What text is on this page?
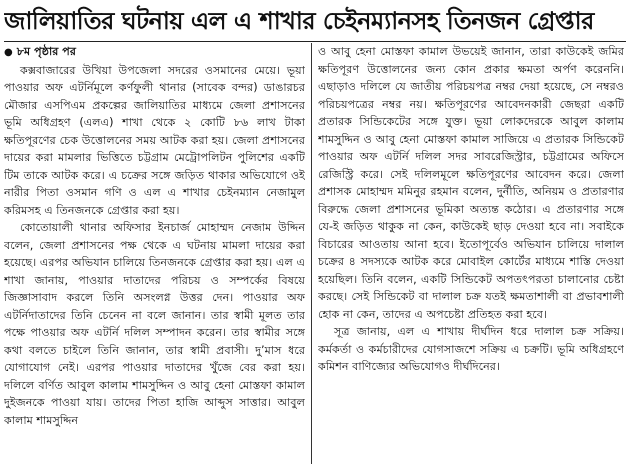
জালিয়াতির ঘটনায় এল এ শাখার চেইনম্যানসহ তিনজন গ্রেপ্তার
● ৮ম পৃষ্ঠার পর

কক্সবাজারের উখিয়া উপজেলা সদরের ওসমানের মেয়ে। ভূয়া পাওয়ার অফ এটর্নিমূলে কর্ণফুলী থানার (সাবেক বন্দর) ডাঙারচর মৌজার এসপিএম প্রকল্পের জালিয়াতির মাধ্যমে জেলা প্রশাসনের ভূমি অধিগ্রহণ (এলএ) শাখা থেকে ২ কোটি ৮৬ লাখ টাকা ক্ষতিপূরণের চেক উত্তোলনের সময় আটক করা হয়। জেলা প্রশাসনের দায়ের করা মামলার ভিত্তিতে চট্টগ্রাম মেট্রোপলিটন পুলিশের একটি টিম তাকে আটক করে। এ চক্রের সঙ্গে জড়িত থাকার অভিযোগে ওই নারীর পিতা ওসমান গণি ও এল এ শাখার চেইনম্যান নেজামুল করিমসহ এ তিনজনকে গ্রেপ্তার করা হয়।

কোতোয়ালী থানার অফিসার ইনচার্জ মোহাম্মদ নেজাম উদ্দিন বলেন, জেলা প্রশাসনের পক্ষ থেকে এ ঘটনায় মামলা দায়ের করা হয়েছে। এরপর অভিযান চালিয়ে তিনজনকে গ্রেপ্তার করা হয়। এল এ শাখা জানায়, পাওয়ার দাতাদের পরিচয় ও সম্পর্কের বিষয়ে জিজ্ঞাসাবাদ করলে তিনি অসংলগ্ন উত্তর দেন। পাওয়ার অফ এটর্নিদাতাদের তিনি চেনেন না বলে জানান। তার স্বামী মূলত তার পক্ষে পাওয়ার অফ এটর্নি দলিল সম্পাদন করেন। তার স্বামীর সঙ্গে কথা বলতে চাইলে তিনি জানান, তার স্বামী প্রবাসী। দু’মাস ধরে যোগাযোগ নেই। এরপর পাওয়ার দাতাদের খুঁজে বের করা হয়। দলিলে বর্ণিত আবুল কালাম শামসুদ্দিন ও আবু হেনা মোস্তফা কামাল দুইজনকে পাওয়া যায়। তাদের পিতা হাজি আব্দুস সাত্তার। আবুল কালাম শামসুদ্দিন

ও আবু হেনা মোস্তফা কামাল উভয়েই জানান, তারা কাউকেই জমির ক্ষতিপূরণ উত্তোলনের জন্য কোন প্রকার ক্ষমতা অর্পণ করেননি। এছাড়াও দলিলে যে জাতীয় পরিচয়পত্র নম্বর দেয়া হয়েছে, সে নম্বরও পরিচয়পত্রের নম্বর নয়। ক্ষতিপূরণের আবেদনকারী জেছরা একটি প্রতারক সিন্ডিকেটের সঙ্গে যুক্ত। ভূয়া লোকদেরকে আবুল কালাম শামসুদ্দিন ও আবু হেনা মোস্তফা কামাল সাজিয়ে এ প্রতারক সিন্ডিকেট পাওয়ার অফ এটর্নি দলিল সদর সাবরেজিস্ট্রার, চট্টগ্রামের অফিসে রেজিস্ট্রি করে। সেই দলিলমূলে ক্ষতিপূরণের আবেদন করে। জেলা প্রশাসক মোহাম্মদ মমিনুর রহমান বলেন, দুর্নীতি, অনিয়ম ও প্রতারণার বিরুদ্ধে জেলা প্রশাসনের ভূমিকা অত্যন্ত কঠোর। এ প্রতারণার সঙ্গে যে-ই জড়িত থাকুক না কেন, কাউকেই ছাড় দেওয়া হবে না। সবাইকে বিচারের আওতায় আনা হবে। ইতোপূর্বেও অভিযান চালিয়ে দালাল চক্রের ৪ সদস্যকে আটক করে মোবাইল কোর্টের মাধ্যমে শাস্তি দেওয়া হয়েছিল। তিনি বলেন, একটি সিন্ডিকেট অপতৎপরতা চালানোর চেষ্টা করছে। সেই সিন্ডিকেট বা দালাল চক্র যতই ক্ষমতাশালী বা প্রভাবশালী হোক না কেন, তাদের এ অপচেষ্টা প্রতিহত করা হবে।

সূত্র জানায়, এল এ শাখায় দীর্ঘদিন ধরে দালাল চক্র সক্রিয়। কর্মকর্তা ও কর্মচারীদের যোগসাজশে সক্রিয় এ চক্রটি। ভূমি অধিগ্রহণে কমিশন বাণিজ্যের অভিযোগও দীর্ঘদিনের।
